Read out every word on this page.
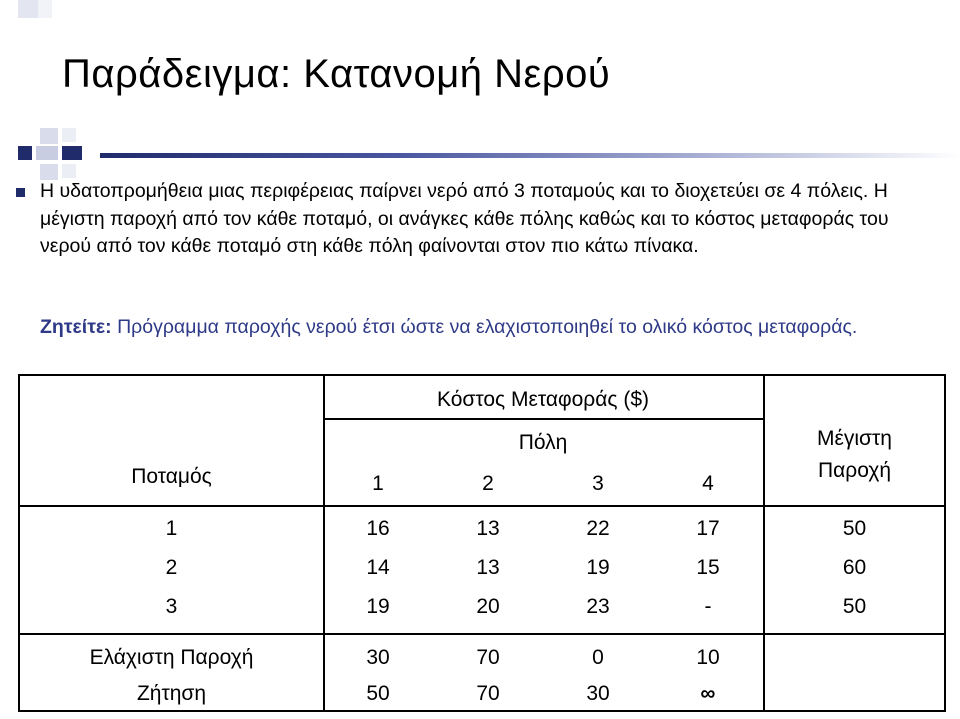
Παράδειγμα: Κατανομή Νερού

Η υδατοπρομήθεια μιας περιφέρειας παίρνει νερό από 3 ποταμούς και το διοχετεύει σε 4 πόλεις. Η μέγιστη παροχή από τον κάθε ποταμό, οι ανάγκες κάθε πόλης καθώς και το κόστος μεταφοράς του νερού από τον κάθε ποταμό στη κάθε πόλη φαίνονται στον πιο κάτω πίνακα.

Ζητείτε: Πρόγραμμα παροχής νερού έτσι ώστε να ελαχιστοποιηθεί το ολικό κόστος μεταφοράς.

Κόστος Μεταφοράς ($)
Πόλη
Ποταμός
Μέγιστη
Παροχή
1	2	3	4
1	16	13	22	17	50
2	14	13	19	15	60
3	19	20	23	-	50
Ελάχιστη Παροχή	30	70	0	10
Ζήτηση	50	70	30	∞
